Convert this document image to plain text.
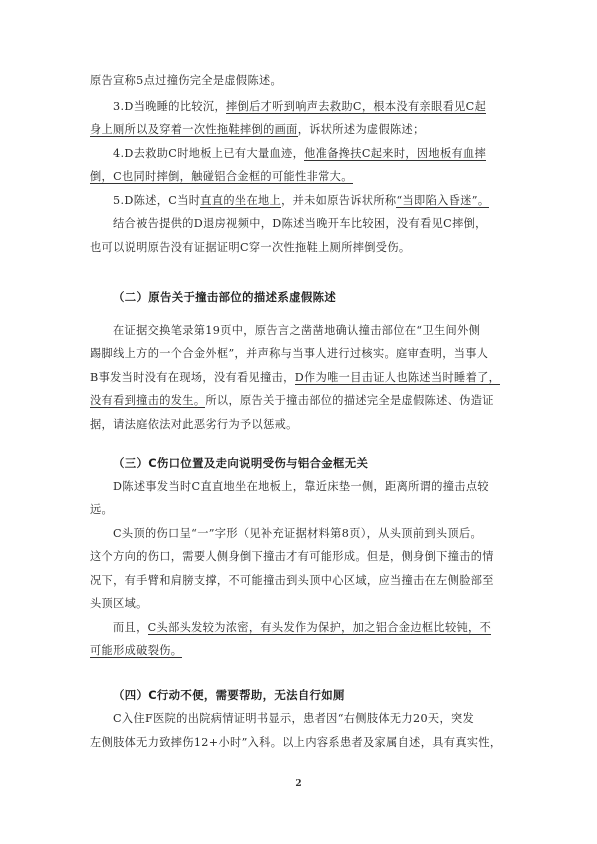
原告宣称5点过撞伤完全是虚假陈述。
3.D当晚睡的比较沉，摔倒后才听到响声去救助C，根本没有亲眼看见C起
身上厕所以及穿着一次性拖鞋摔倒的画面，诉状所述为虚假陈述；
4.D去救助C时地板上已有大量血迹，他准备搀扶C起来时，因地板有血摔
倒，C也同时摔倒，触碰铝合金框的可能性非常大。
5.D陈述，C当时直直的坐在地上，并未如原告诉状所称“当即陷入昏迷”。
结合被告提供的D退房视频中，D陈述当晚开车比较困，没有看见C摔倒，
也可以说明原告没有证据证明C穿一次性拖鞋上厕所摔倒受伤。
（二）原告关于撞击部位的描述系虚假陈述
在证据交换笔录第19页中，原告言之凿凿地确认撞击部位在“卫生间外侧
踢脚线上方的一个合金外框”，并声称与当事人进行过核实。庭审查明，当事人
B事发当时没有在现场，没有看见撞击，D作为唯一目击证人也陈述当时睡着了，
没有看到撞击的发生。所以，原告关于撞击部位的描述完全是虚假陈述、伪造证
据，请法庭依法对此恶劣行为予以惩戒。
（三）C伤口位置及走向说明受伤与铝合金框无关
D陈述事发当时C直直地坐在地板上，靠近床垫一侧，距离所谓的撞击点较
远。
C头顶的伤口呈“一”字形（见补充证据材料第8页），从头顶前到头顶后。
这个方向的伤口，需要人侧身倒下撞击才有可能形成。但是，侧身倒下撞击的情
况下，有手臂和肩膀支撑，不可能撞击到头顶中心区域，应当撞击在左侧脸部至
头顶区域。
而且，C头部头发较为浓密，有头发作为保护，加之铝合金边框比较钝，不
可能形成破裂伤。
（四）C行动不便，需要帮助，无法自行如厕
C入住F医院的出院病情证明书显示，患者因“右侧肢体无力20天，突发
左侧肢体无力致摔伤12+小时”入科。以上内容系患者及家属自述，具有真实性，
2
